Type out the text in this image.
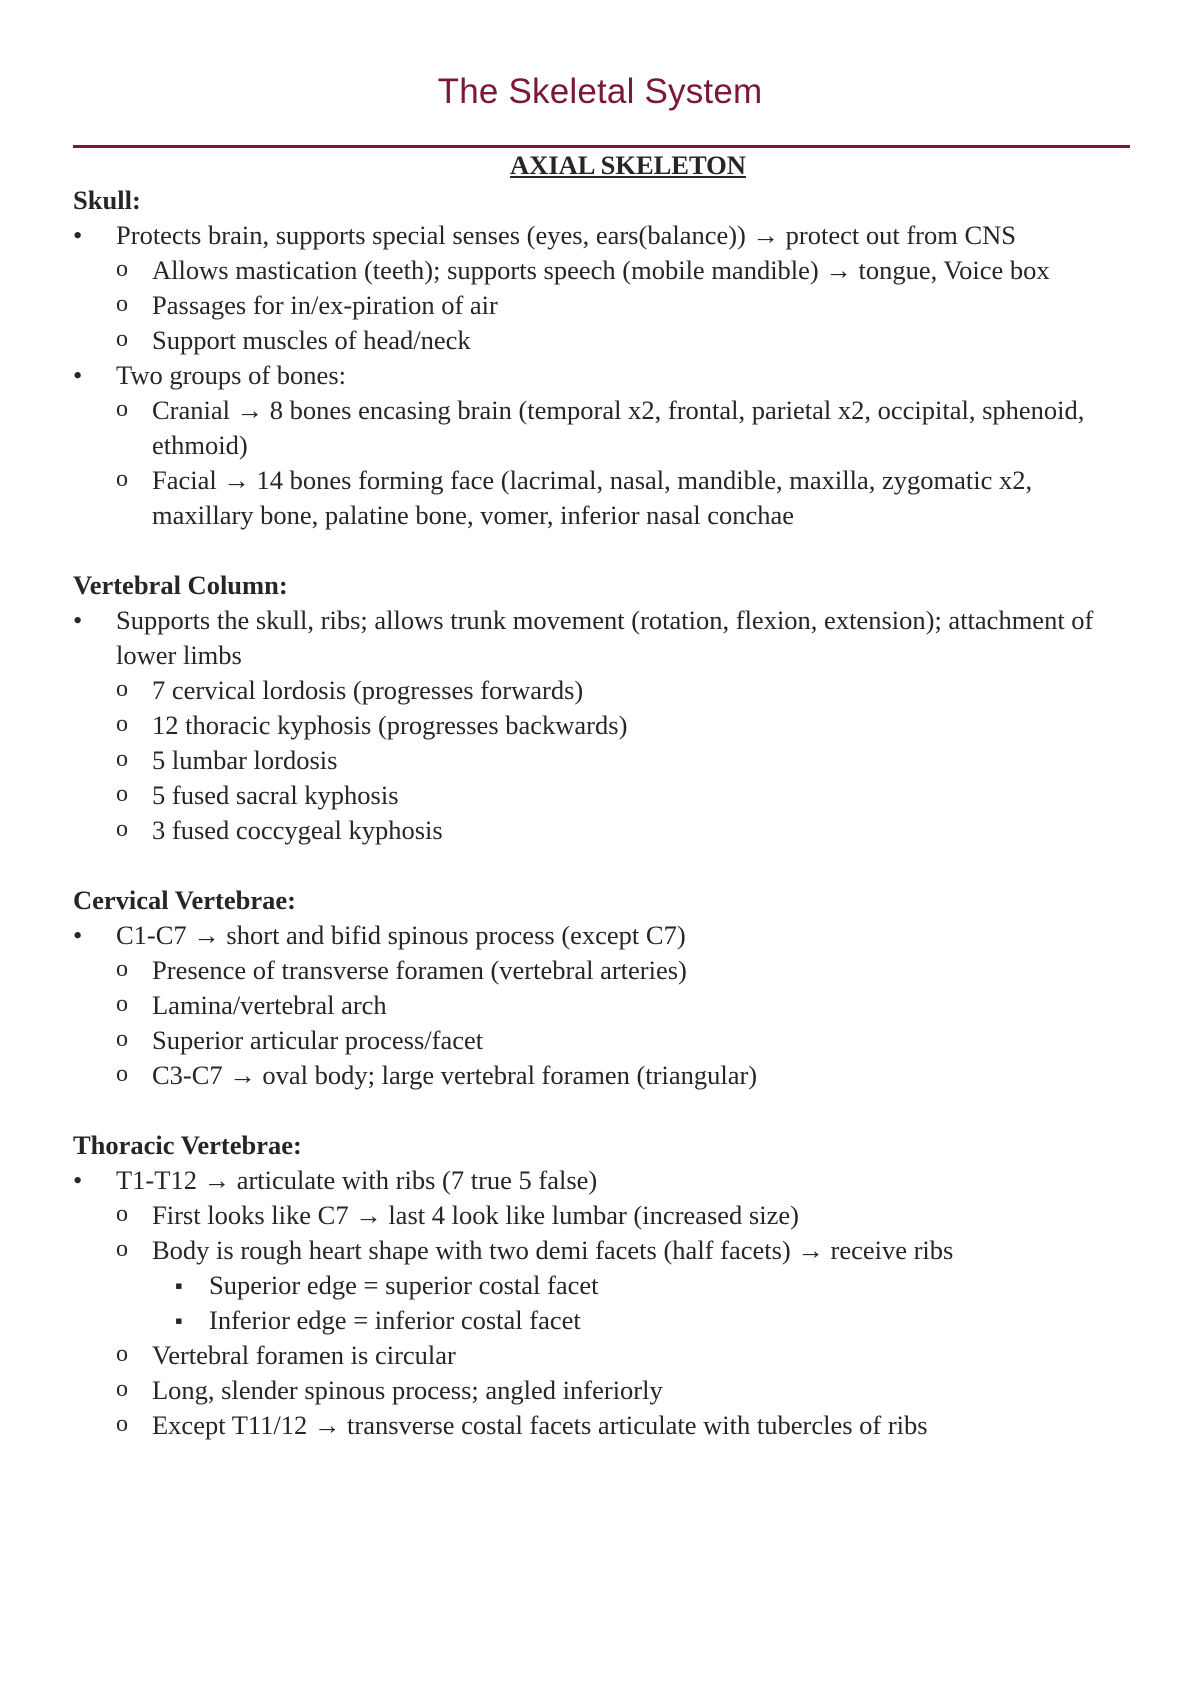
The Skeletal System
AXIAL SKELETON
Skull:
• Protects brain, supports special senses (eyes, ears(balance)) → protect out from CNS
o Allows mastication (teeth); supports speech (mobile mandible) → tongue, Voice box
o Passages for in/ex-piration of air
o Support muscles of head/neck
• Two groups of bones:
o Cranial → 8 bones encasing brain (temporal x2, frontal, parietal x2, occipital, sphenoid, ethmoid)
o Facial → 14 bones forming face (lacrimal, nasal, mandible, maxilla, zygomatic x2, maxillary bone, palatine bone, vomer, inferior nasal conchae
Vertebral Column:
• Supports the skull, ribs; allows trunk movement (rotation, flexion, extension); attachment of lower limbs
o 7 cervical lordosis (progresses forwards)
o 12 thoracic kyphosis (progresses backwards)
o 5 lumbar lordosis
o 5 fused sacral kyphosis
o 3 fused coccygeal kyphosis
Cervical Vertebrae:
• C1-C7 → short and bifid spinous process (except C7)
o Presence of transverse foramen (vertebral arteries)
o Lamina/vertebral arch
o Superior articular process/facet
o C3-C7 → oval body; large vertebral foramen (triangular)
Thoracic Vertebrae:
• T1-T12 → articulate with ribs (7 true 5 false)
o First looks like C7 → last 4 look like lumbar (increased size)
o Body is rough heart shape with two demi facets (half facets) → receive ribs
▪ Superior edge = superior costal facet
▪ Inferior edge = inferior costal facet
o Vertebral foramen is circular
o Long, slender spinous process; angled inferiorly
o Except T11/12 → transverse costal facets articulate with tubercles of ribs
